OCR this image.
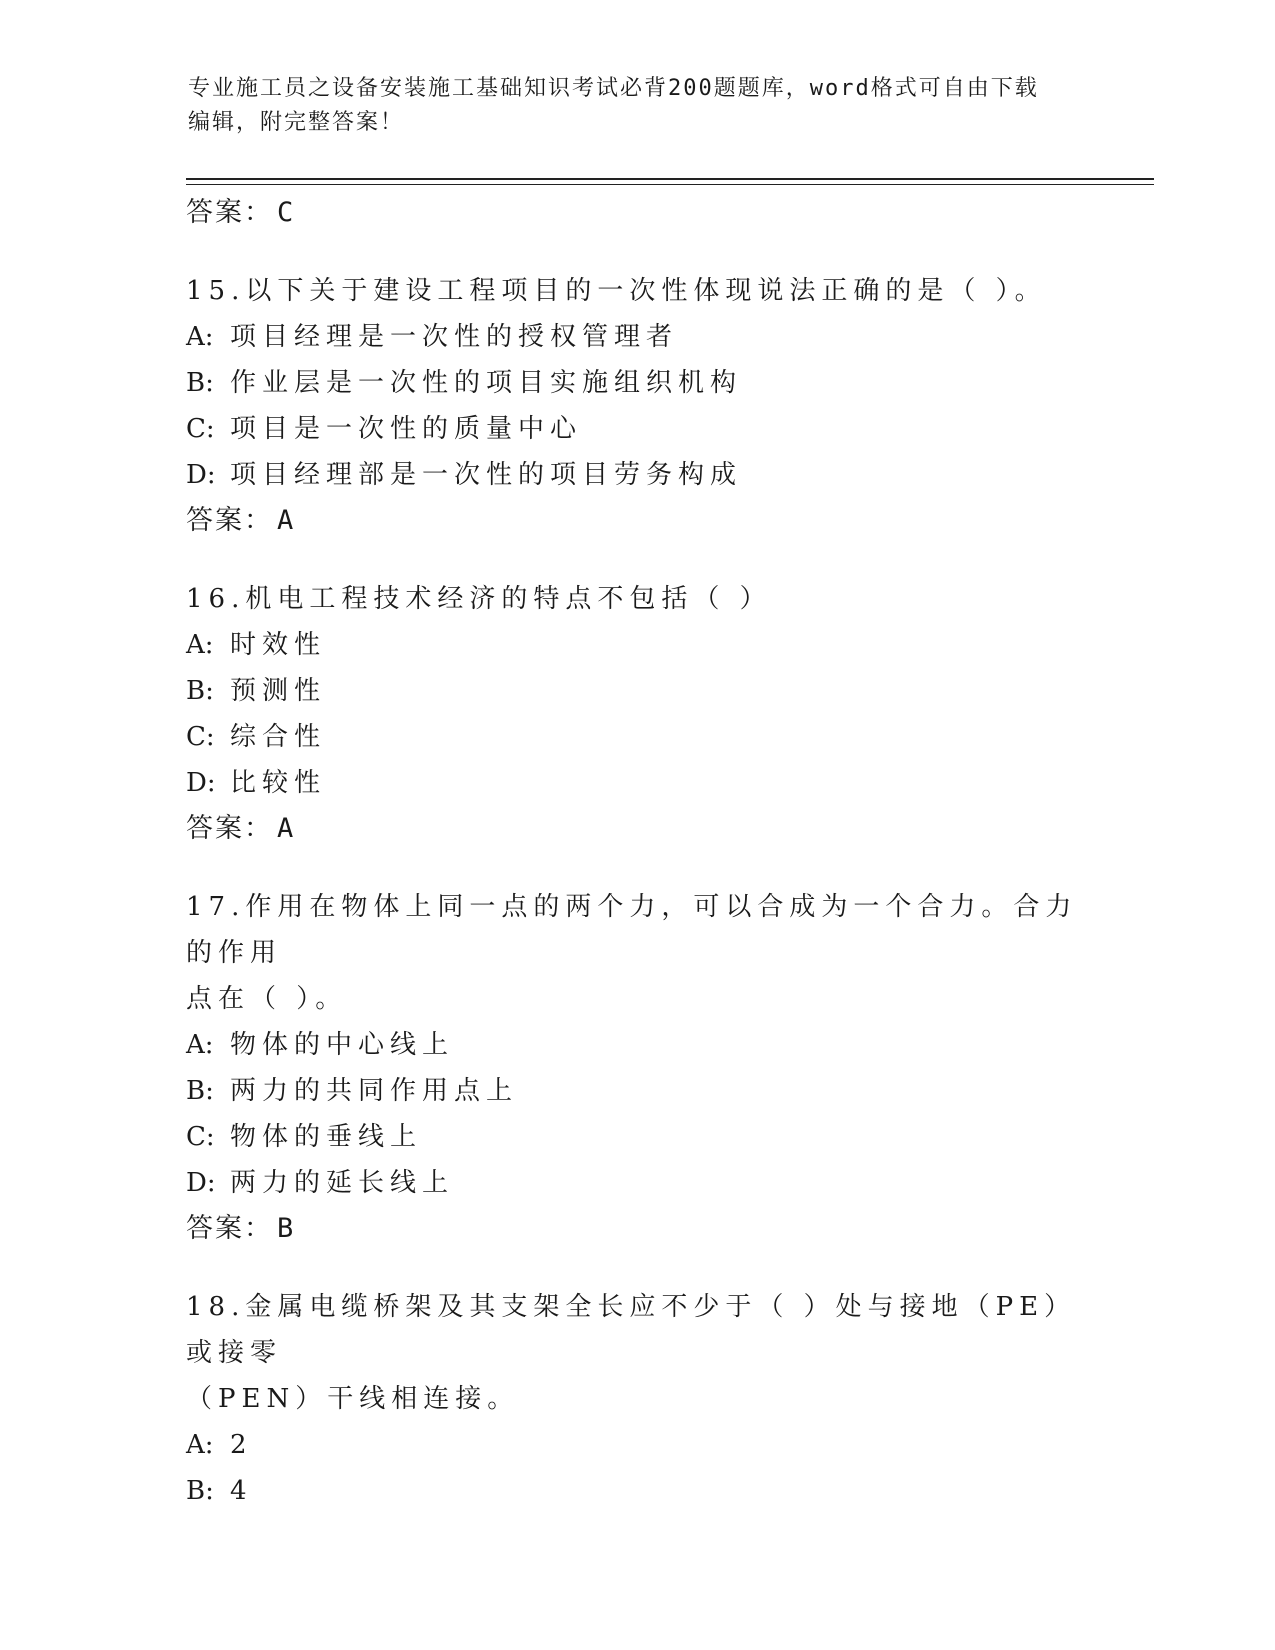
专业施工员之设备安装施工基础知识考试必背200题题库，word格式可自由下载
编辑，附完整答案！
答案： C
15.以下关于建设工程项目的一次性体现说法正确的是（ ）。
A: 项目经理是一次性的授权管理者
B: 作业层是一次性的项目实施组织机构
C: 项目是一次性的质量中心
D: 项目经理部是一次性的项目劳务构成
答案： A
16.机电工程技术经济的特点不包括（ ）
A: 时效性
B: 预测性
C: 综合性
D: 比较性
答案： A
17.作用在物体上同一点的两个力，可以合成为一个合力。合力的作用
点在（ ）。
A: 物体的中心线上
B: 两力的共同作用点上
C: 物体的垂线上
D: 两力的延长线上
答案： B
18.金属电缆桥架及其支架全长应不少于（ ）处与接地（PE）或接零
（PEN）干线相连接。
A: 2
B: 4
